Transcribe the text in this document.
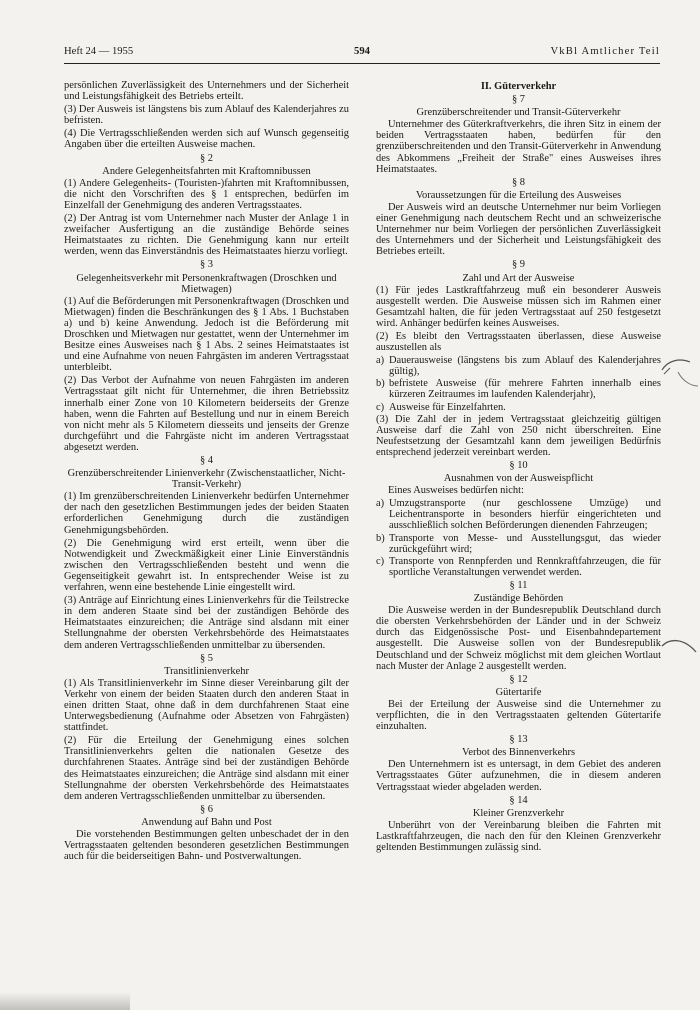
Heft 24 — 1955	594	VkBl Amtlicher Teil

persönlichen Zuverlässigkeit des Unternehmers und der Sicherheit und Leistungsfähigkeit des Betriebs erteilt.

(3) Der Ausweis ist längstens bis zum Ablauf des Kalenderjahres zu befristen.

(4) Die Vertragsschließenden werden sich auf Wunsch gegenseitig Angaben über die erteilten Ausweise machen.

§ 2
Andere Gelegenheitsfahrten mit Kraftomnibussen

(1) Andere Gelegenheits- (Touristen-)fahrten mit Kraftomnibussen, die nicht den Vorschriften des § 1 entsprechen, bedürfen im Einzelfall der Genehmigung des anderen Vertragsstaates.

(2) Der Antrag ist vom Unternehmer nach Muster der Anlage 1 in zweifacher Ausfertigung an die zuständige Behörde seines Heimatstaates zu richten. Die Genehmigung kann nur erteilt werden, wenn das Einverständnis des Heimatstaates hierzu vorliegt.

§ 3
Gelegenheitsverkehr mit Personenkraftwagen (Droschken und Mietwagen)

(1) Auf die Beförderungen mit Personenkraftwagen (Droschken und Mietwagen) finden die Beschränkungen des § 1 Abs. 1 Buchstaben a) und b) keine Anwendung. Jedoch ist die Beförderung mit Droschken und Mietwagen nur gestattet, wenn der Unternehmer im Besitze eines Ausweises nach § 1 Abs. 2 seines Heimatstaates ist und eine Aufnahme von neuen Fahrgästen im anderen Vertragsstaat unterbleibt.

(2) Das Verbot der Aufnahme von neuen Fahrgästen im anderen Vertragsstaat gilt nicht für Unternehmer, die ihren Betriebssitz innerhalb einer Zone von 10 Kilometern beiderseits der Grenze haben, wenn die Fahrten auf Bestellung und nur in einem Bereich von nicht mehr als 5 Kilometern diesseits und jenseits der Grenze durchgeführt und die Fahrgäste nicht im anderen Vertragsstaat abgesetzt werden.

§ 4
Grenzüberschreitender Linienverkehr (Zwischenstaatlicher, Nicht-Transit-Verkehr)

(1) Im grenzüberschreitenden Linienverkehr bedürfen Unternehmer der nach den gesetzlichen Bestimmungen jedes der beiden Staaten erforderlichen Genehmigung durch die zuständigen Genehmigungsbehörden.

(2) Die Genehmigung wird erst erteilt, wenn über die Notwendigkeit und Zweckmäßigkeit einer Linie Einverständnis zwischen den Vertragsschließenden besteht und wenn die Gegenseitigkeit gewahrt ist. In entsprechender Weise ist zu verfahren, wenn eine bestehende Linie eingestellt wird.

(3) Anträge auf Einrichtung eines Linienverkehrs für die Teilstrecke in dem anderen Staate sind bei der zuständigen Behörde des Heimatstaates einzureichen; die Anträge sind alsdann mit einer Stellungnahme der obersten Verkehrsbehörde des Heimatstaates dem anderen Vertragsschließenden unmittelbar zu übersenden.

§ 5
Transitlinienverkehr

(1) Als Transitlinienverkehr im Sinne dieser Vereinbarung gilt der Verkehr von einem der beiden Staaten durch den anderen Staat in einen dritten Staat, ohne daß in dem durchfahrenen Staat eine Unterwegsbedienung (Aufnahme oder Absetzen von Fahrgästen) stattfindet.

(2) Für die Erteilung der Genehmigung eines solchen Transitlinienverkehrs gelten die nationalen Gesetze des durchfahrenen Staates. Anträge sind bei der zuständigen Behörde des Heimatstaates einzureichen; die Anträge sind alsdann mit einer Stellungnahme der obersten Verkehrsbehörde des Heimatstaates dem anderen Vertragsschließenden unmittelbar zu übersenden.

§ 6
Anwendung auf Bahn und Post

Die vorstehenden Bestimmungen gelten unbeschadet der in den Vertragsstaaten geltenden besonderen gesetzlichen Bestimmungen auch für die beiderseitigen Bahn- und Postverwaltungen.

II. Güterverkehr
§ 7
Grenzüberschreitender und Transit-Güterverkehr

Unternehmer des Güterkraftverkehrs, die ihren Sitz in einem der beiden Vertragsstaaten haben, bedürfen für den grenzüberschreitenden und den Transit-Güterverkehr in Anwendung des Abkommens „Freiheit der Straße" eines Ausweises ihres Heimatstaates.

§ 8
Voraussetzungen für die Erteilung des Ausweises

Der Ausweis wird an deutsche Unternehmer nur beim Vorliegen einer Genehmigung nach deutschem Recht und an schweizerische Unternehmer nur beim Vorliegen der persönlichen Zuverlässigkeit des Unternehmers und der Sicherheit und Leistungsfähigkeit des Betriebes erteilt.

§ 9
Zahl und Art der Ausweise

(1) Für jedes Lastkraftfahrzeug muß ein besonderer Ausweis ausgestellt werden. Die Ausweise müssen sich im Rahmen einer Gesamtzahl halten, die für jeden Vertragsstaat auf 250 festgesetzt wird. Anhänger bedürfen keines Ausweises.

(2) Es bleibt den Vertragsstaaten überlassen, diese Ausweise auszustellen als

a) Dauerausweise (längstens bis zum Ablauf des Kalenderjahres gültig),
b) befristete Ausweise (für mehrere Fahrten innerhalb eines kürzeren Zeitraumes im laufenden Kalenderjahr),
c) Ausweise für Einzelfahrten.

(3) Die Zahl der in jedem Vertragsstaat gleichzeitig gültigen Ausweise darf die Zahl von 250 nicht überschreiten. Eine Neufestsetzung der Gesamtzahl kann dem jeweiligen Bedürfnis entsprechend jederzeit vereinbart werden.

§ 10
Ausnahmen von der Ausweispflicht

Eines Ausweises bedürfen nicht:

a) Umzugstransporte (nur geschlossene Umzüge) und Leichentransporte in besonders hierfür eingerichteten und ausschließlich solchen Beförderungen dienenden Fahrzeugen;
b) Transporte von Messe- und Ausstellungsgut, das wieder zurückgeführt wird;
c) Transporte von Rennpferden und Rennkraftfahrzeugen, die für sportliche Veranstaltungen verwendet werden.
§ 11
Zuständige Behörden

Die Ausweise werden in der Bundesrepublik Deutschland durch die obersten Verkehrsbehörden der Länder und in der Schweiz durch das Eidgenössische Post- und Eisenbahndepartement ausgestellt. Die Ausweise sollen von der Bundesrepublik Deutschland und der Schweiz möglichst mit dem gleichen Wortlaut nach Muster der Anlage 2 ausgestellt werden.

§ 12
Gütertarife

Bei der Erteilung der Ausweise sind die Unternehmer zu verpflichten, die in den Vertragsstaaten geltenden Gütertarife einzuhalten.

§ 13
Verbot des Binnenverkehrs

Den Unternehmern ist es untersagt, in dem Gebiet des anderen Vertragsstaates Güter aufzunehmen, die in diesem anderen Vertragsstaat wieder abgeladen werden.

§ 14
Kleiner Grenzverkehr

Unberührt von der Vereinbarung bleiben die Fahrten mit Lastkraftfahrzeugen, die nach den für den Kleinen Grenzverkehr geltenden Bestimmungen zulässig sind.
